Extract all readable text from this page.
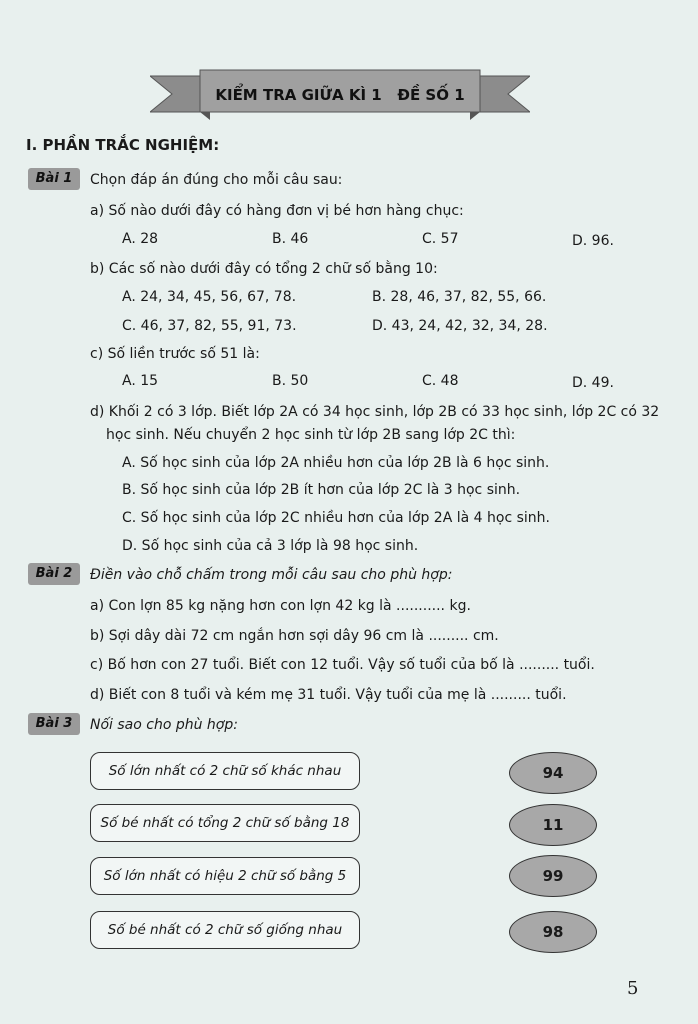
KIỂM TRA GIỮA KÌ 1 ĐỀ SỐ 1
I. PHẦN TRẮC NGHIỆM:
Bài 1	Chọn đáp án đúng cho mỗi câu sau:
a) Số nào dưới đây có hàng đơn vị bé hơn hàng chục:
A. 28	B. 46	C. 57	D. 96.
b) Các số nào dưới đây có tổng 2 chữ số bằng 10:
A. 24, 34, 45, 56, 67, 78.	B. 28, 46, 37, 82, 55, 66.
C. 46, 37, 82, 55, 91, 73.	D. 43, 24, 42, 32, 34, 28.
c) Số liền trước số 51 là:
A. 15	B. 50	C. 48	D. 49.
d) Khối 2 có 3 lớp. Biết lớp 2A có 34 học sinh, lớp 2B có 33 học sinh, lớp 2C có 32
học sinh. Nếu chuyển 2 học sinh từ lớp 2B sang lớp 2C thì:
A. Số học sinh của lớp 2A nhiều hơn của lớp 2B là 6 học sinh.
B. Số học sinh của lớp 2B ít hơn của lớp 2C là 3 học sinh.
C. Số học sinh của lớp 2C nhiều hơn của lớp 2A là 4 học sinh.
D. Số học sinh của cả 3 lớp là 98 học sinh.
Bài 2	Điền vào chỗ chấm trong mỗi câu sau cho phù hợp:
a) Con lợn 85 kg nặng hơn con lợn 42 kg là ........... kg.
b) Sợi dây dài 72 cm ngắn hơn sợi dây 96 cm là ......... cm.
c) Bố hơn con 27 tuổi. Biết con 12 tuổi. Vậy số tuổi của bố là ......... tuổi.
d) Biết con 8 tuổi và kém mẹ 31 tuổi. Vậy tuổi của mẹ là ......... tuổi.
Bài 3	Nối sao cho phù hợp:
Số lớn nhất có 2 chữ số khác nhau
Số bé nhất có tổng 2 chữ số bằng 18
Số lớn nhất có hiệu 2 chữ số bằng 5
Số bé nhất có 2 chữ số giống nhau
94
11
99
98
5
